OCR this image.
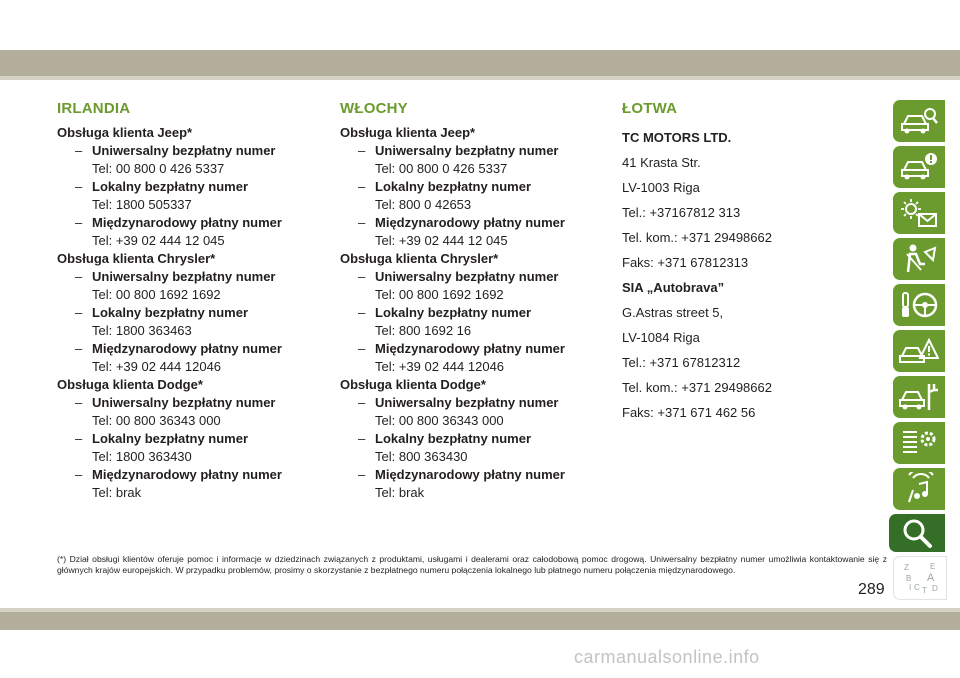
IRLANDIA
Obsługa klienta Jeep*
– Uniwersalny bezpłatny numer
Tel: 00 800 0 426 5337
– Lokalny bezpłatny numer
Tel: 1800 505337
– Międzynarodowy płatny numer
Tel: +39 02 444 12 045
Obsługa klienta Chrysler*
– Uniwersalny bezpłatny numer
Tel: 00 800 1692 1692
– Lokalny bezpłatny numer
Tel: 1800 363463
– Międzynarodowy płatny numer
Tel: +39 02 444 12046
Obsługa klienta Dodge*
– Uniwersalny bezpłatny numer
Tel: 00 800 36343 000
– Lokalny bezpłatny numer
Tel: 1800 363430
– Międzynarodowy płatny numer
Tel: brak
WŁOCHY
Obsługa klienta Jeep*
– Uniwersalny bezpłatny numer
Tel: 00 800 0 426 5337
– Lokalny bezpłatny numer
Tel: 800 0 42653
– Międzynarodowy płatny numer
Tel: +39 02 444 12 045
Obsługa klienta Chrysler*
– Uniwersalny bezpłatny numer
Tel: 00 800 1692 1692
– Lokalny bezpłatny numer
Tel: 800 1692 16
– Międzynarodowy płatny numer
Tel: +39 02 444 12046
Obsługa klienta Dodge*
– Uniwersalny bezpłatny numer
Tel: 00 800 36343 000
– Lokalny bezpłatny numer
Tel: 800 363430
– Międzynarodowy płatny numer
Tel: brak
ŁOTWA
TC MOTORS LTD.
41 Krasta Str.
LV-1003 Riga
Tel.: +37167812 313
Tel. kom.: +371 29498662
Faks: +371 67812313
SIA „Autobrava”
G.Astras street 5,
LV-1084 Riga
Tel.: +371 67812312
Tel. kom.: +371 29498662
Faks: +371 671 462 56
Z	E
B A
C D
I T
(*) Dział obsługi klientów oferuje pomoc i informacje w dziedzinach związanych z produktami, usługami i dealerami oraz całodobową pomoc drogową. Uniwersalny bezpłatny numer umożliwia kontaktowanie się z głównych krajów europejskich. W przypadku problemów, prosimy o skorzystanie z bezpłatnego numeru połączenia lokalnego lub płatnego numeru połączenia międzynarodowego.
289
carmanualsonline.info
